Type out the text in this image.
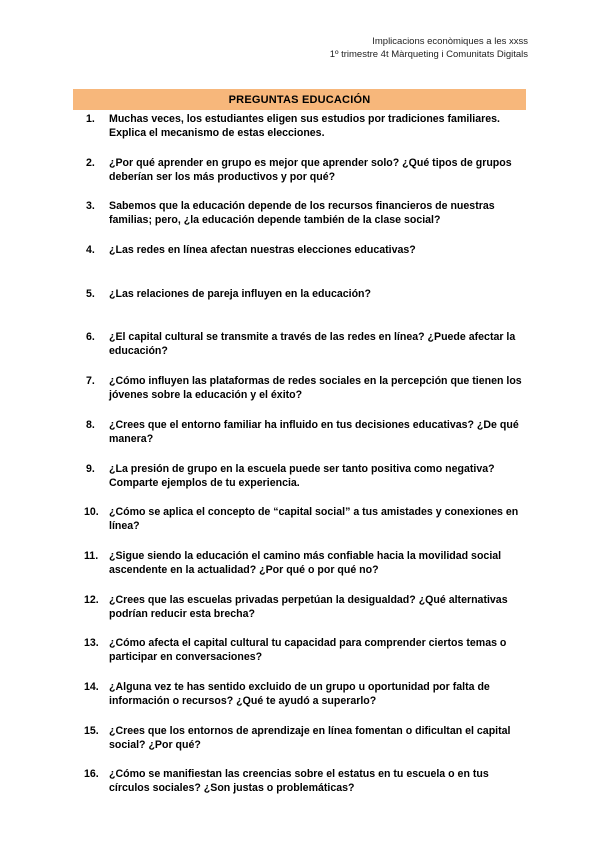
Implicacions econòmiques a les xxss
1º trimestre 4t Màrqueting i Comunitats Digitals
PREGUNTAS EDUCACIÓN
1. Muchas veces, los estudiantes eligen sus estudios por tradiciones familiares. Explica el mecanismo de estas elecciones.
2. ¿Por qué aprender en grupo es mejor que aprender solo? ¿Qué tipos de grupos deberían ser los más productivos y por qué?
3. Sabemos que la educación depende de los recursos financieros de nuestras familias; pero, ¿la educación depende también de la clase social?
4. ¿Las redes en línea afectan nuestras elecciones educativas?
5. ¿Las relaciones de pareja influyen en la educación?
6. ¿El capital cultural se transmite a través de las redes en línea? ¿Puede afectar la educación?
7. ¿Cómo influyen las plataformas de redes sociales en la percepción que tienen los jóvenes sobre la educación y el éxito?
8. ¿Crees que el entorno familiar ha influido en tus decisiones educativas? ¿De qué manera?
9. ¿La presión de grupo en la escuela puede ser tanto positiva como negativa? Comparte ejemplos de tu experiencia.
10. ¿Cómo se aplica el concepto de “capital social” a tus amistades y conexiones en línea?
11. ¿Sigue siendo la educación el camino más confiable hacia la movilidad social ascendente en la actualidad? ¿Por qué o por qué no?
12. ¿Crees que las escuelas privadas perpetúan la desigualdad? ¿Qué alternativas podrían reducir esta brecha?
13. ¿Cómo afecta el capital cultural tu capacidad para comprender ciertos temas o participar en conversaciones?
14. ¿Alguna vez te has sentido excluido de un grupo u oportunidad por falta de información o recursos? ¿Qué te ayudó a superarlo?
15. ¿Crees que los entornos de aprendizaje en línea fomentan o dificultan el capital social? ¿Por qué?
16. ¿Cómo se manifiestan las creencias sobre el estatus en tu escuela o en tus círculos sociales? ¿Son justas o problemáticas?
